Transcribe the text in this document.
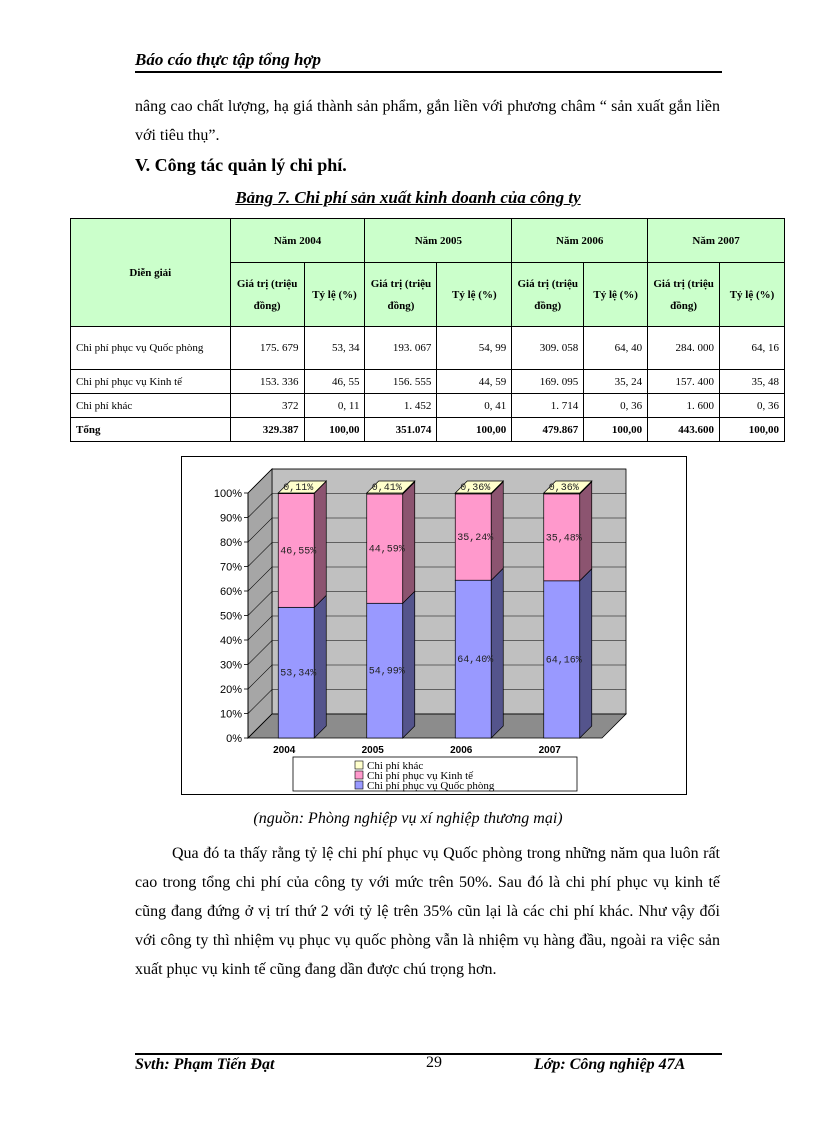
Báo cáo thực tập tổng hợp
nâng cao chất lượng, hạ giá thành sản phẩm, gắn liền với phương châm “ sản xuất gắn liền với tiêu thụ”.
V. Công tác quản lý chi phí.
Bảng 7. Chi phí sản xuất kinh doanh của công ty
Diễn giải	Năm 2004		Năm 2005		Năm 2006		Năm 2007	
	Giá trị (triệu đồng)	Tỷ lệ (%)	Giá trị (triệu đồng)	Tỷ lệ (%)	Giá trị (triệu đồng)	Tỷ lệ (%)	Giá trị (triệu đồng)	Tỷ lệ (%)
Chi phí phục vụ Quốc phòng	175. 679	53, 34	193. 067	54, 99	309. 058	64, 40	284. 000	64, 16
Chi phí phục vụ Kinh tế	153. 336	46, 55	156. 555	44, 59	169. 095	35, 24	157. 400	35, 48
Chi phí khác	372	0, 11	1. 452	0, 41	1. 714	0, 36	1. 600	0, 36
Tổng	329.387	100,00	351.074	100,00	479.867	100,00	443.600	100,00
0%
10%
20%
30%
40%
50%
60%
70%
80%
90%
100%
53,34%
46,55%
0,11%
2004
54,99%
44,59%
0,41%
2005
64,40%
35,24%
0,36%
2006
64,16%
35,48%
0,36%
2007
Chi phí khác
Chi phí phục vụ Kinh tế
Chi phí phục vụ Quốc phòng
(nguồn: Phòng nghiệp vụ xí nghiệp thương mại)
Qua đó ta thấy rằng tỷ lệ chi phí phục vụ Quốc phòng trong những năm qua luôn rất cao trong tổng chi phí của công ty với mức trên 50%. Sau đó là chi phí phục vụ kinh tế cũng đang đứng ở vị trí thứ 2 với tỷ lệ trên 35% cũn lại là các chi phí khác. Như vậy đối với công ty thì nhiệm vụ phục vụ quốc phòng vẫn là nhiệm vụ hàng đầu, ngoài ra việc sản xuất phục vụ kinh tế cũng đang dần được chú trọng hơn.
Svth: Phạm Tiến Đạt	29	Lớp: Công nghiệp 47A
